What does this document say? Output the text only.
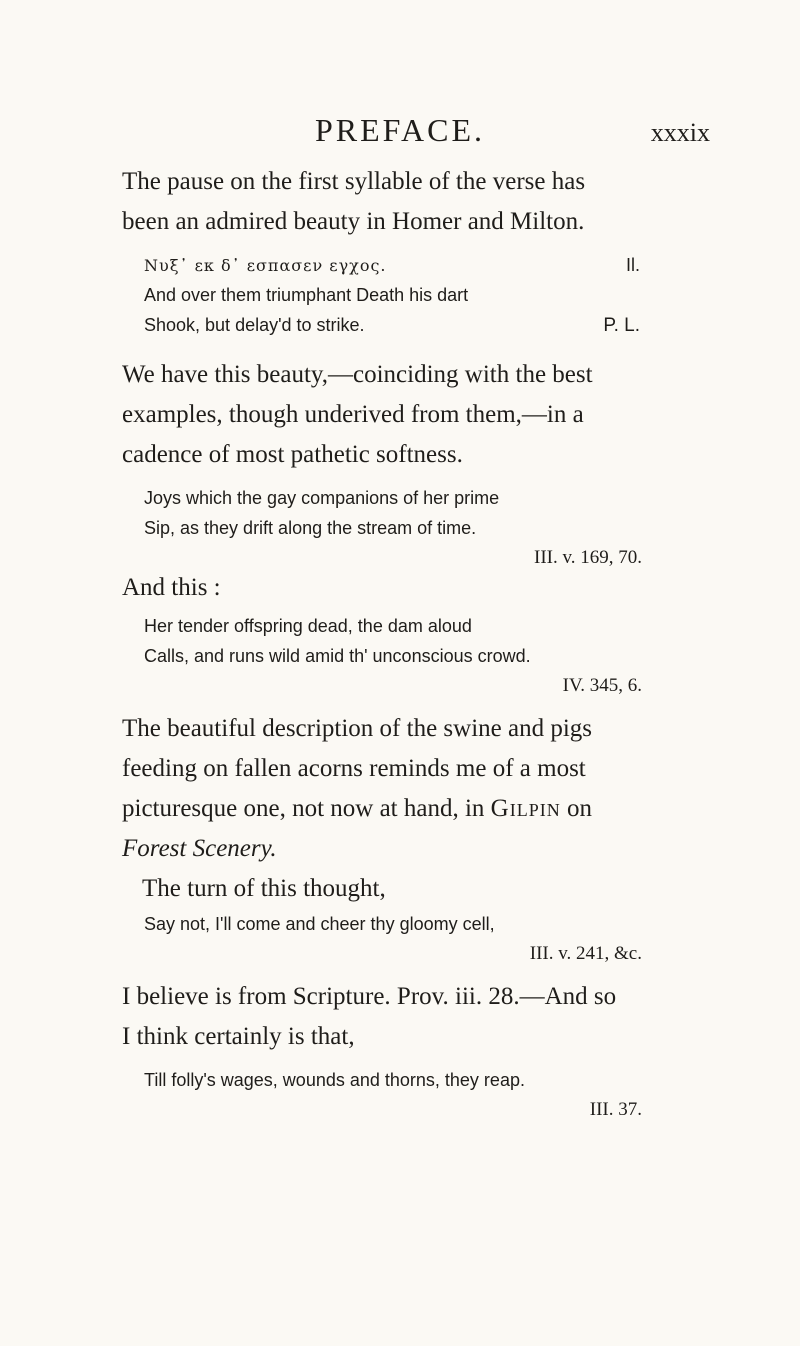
PREFACE.	xxxix

The pause on the first syllable of the verse has

been an admired beauty in Homer and Milton.

Νυξ᾽ εκ δ᾽ εσπασεν εγχος.	Il.

And over them triumphant Death his dart

Shook, but delay'd to strike.	P. L.

We have this beauty,—coinciding with the best

examples, though underived from them,—in a

cadence of most pathetic softness.

Joys which the gay companions of her prime

Sip, as they drift along the stream of time.

III. v. 169, 70.

And this :

Her tender offspring dead, the dam aloud

Calls, and runs wild amid th' unconscious crowd.

IV. 345, 6.

The beautiful description of the swine and pigs

feeding on fallen acorns reminds me of a most

picturesque one, not now at hand, in Gilpin on

Forest Scenery.

The turn of this thought,

Say not, I'll come and cheer thy gloomy cell,

III. v. 241, &c.

I believe is from Scripture. Prov. iii. 28.—And so

I think certainly is that,

Till folly's wages, wounds and thorns, they reap.

III. 37.
